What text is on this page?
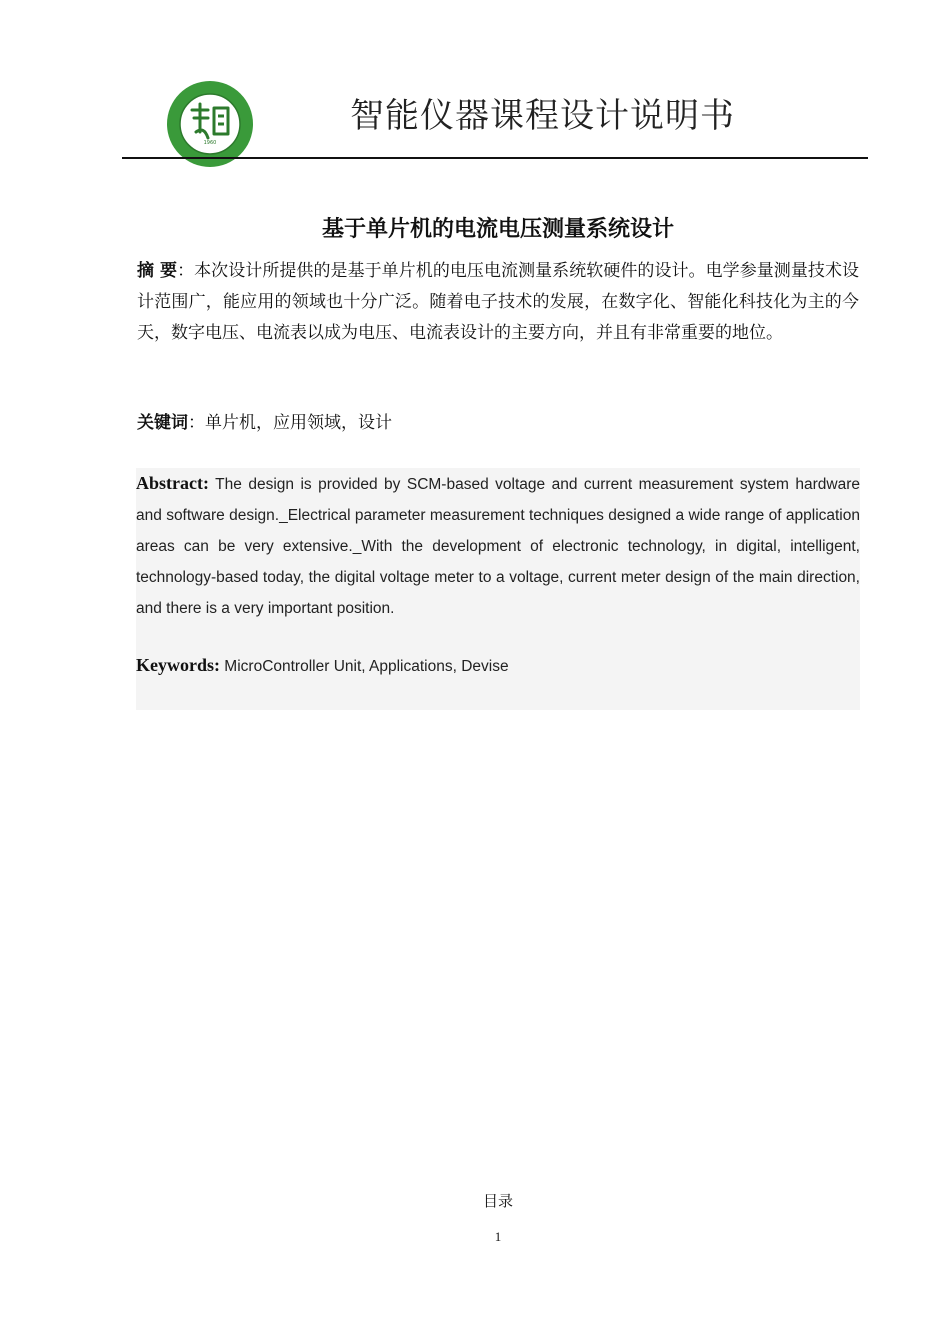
1960
智能仪器课程设计说明书
基于单片机的电流电压测量系统设计
摘 要：本次设计所提供的是基于单片机的电压电流测量系统软硬件的设计。电学参量测量技术设计范围广，能应用的领域也十分广泛。随着电子技术的发展，在数字化、智能化科技化为主的今天，数字电压、电流表以成为电压、电流表设计的主要方向，并且有非常重要的地位。
关键词：单片机，应用领域，设计
Abstract: The design is provided by SCM-based voltage and current measurement system hardware and software design._Electrical parameter measurement techniques designed a wide range of application areas can be very extensive._With the development of electronic technology, in digital, intelligent, technology-based today, the digital voltage meter to a voltage, current meter design of the main direction, and there is a very important position.
Keywords: MicroController Unit, Applications, Devise
目录
1
